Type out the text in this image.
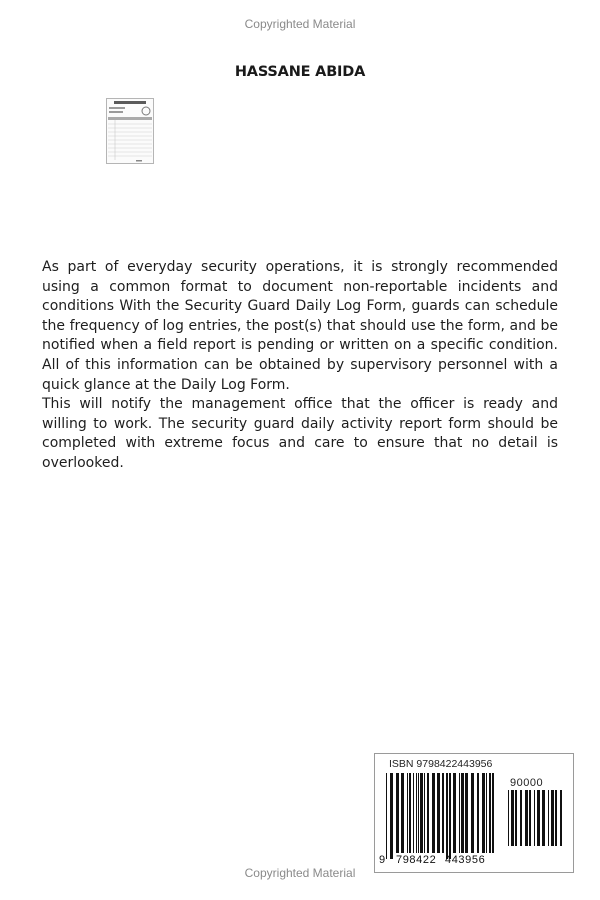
Copyrighted Material
HASSANE ABIDA

As part of everyday security operations, it is strongly recommended using a common format to document non-reportable incidents and conditions With the Security Guard Daily Log Form, guards can schedule the frequency of log entries, the post(s) that should use the form, and be notified when a field report is pending or written on a specific condition. All of this information can be obtained by supervisory personnel with a quick glance at the Daily Log Form.

This will notify the management office that the officer is ready and willing to work. The security guard daily activity report form should be completed with extreme focus and care to ensure that no detail is overlooked.

ISBN 9798422443956
90000
9 798422 443956
Copyrighted Material
